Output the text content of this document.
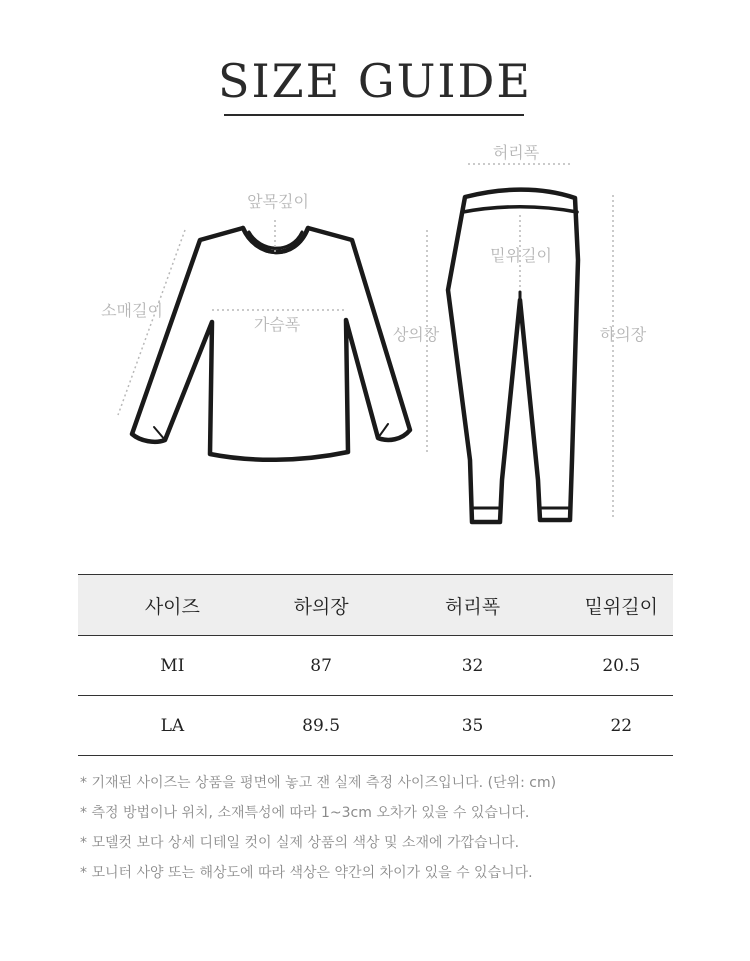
SIZE GUIDE
앞목깊이
소매길이
가슴폭
상의장
허리폭
밑위길이
하의장
사이즈	하의장	허리폭	밑위길이
MI	87	32	20.5
LA	89.5	35	22
* 기재된 사이즈는 상품을 평면에 놓고 잰 실제 측정 사이즈입니다. (단위: cm)
* 측정 방법이나 위치, 소재특성에 따라 1~3cm 오차가 있을 수 있습니다.
* 모델컷 보다 상세 디테일 컷이 실제 상품의 색상 및 소재에 가깝습니다.
* 모니터 사양 또는 해상도에 따라 색상은 약간의 차이가 있을 수 있습니다.
